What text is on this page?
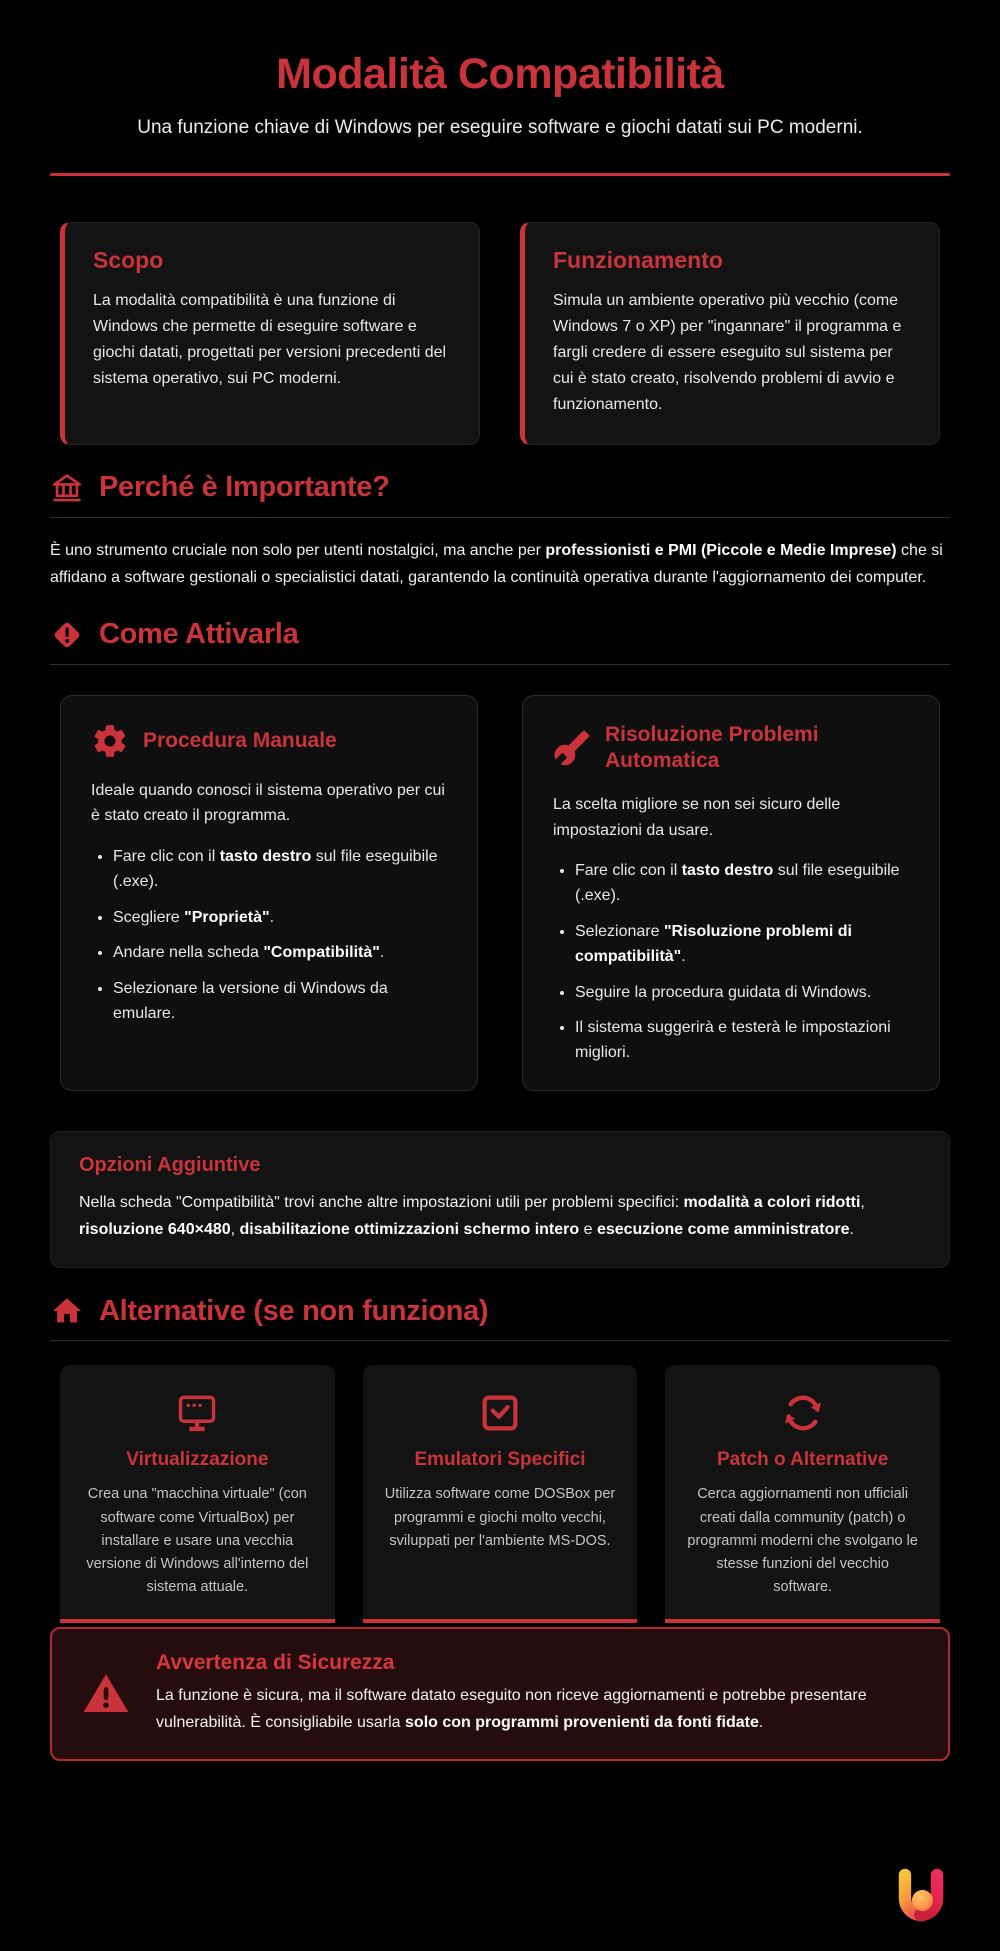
Modalità Compatibilità

Una funzione chiave di Windows per eseguire software e giochi datati sui PC moderni.

Scopo

La modalità compatibilità è una funzione di Windows che permette di eseguire software e giochi datati, progettati per versioni precedenti del sistema operativo, sui PC moderni.

Funzionamento

Simula un ambiente operativo più vecchio (come Windows 7 o XP) per "ingannare" il programma e fargli credere di essere eseguito sul sistema per cui è stato creato, risolvendo problemi di avvio e funzionamento.

Perché è Importante?

È uno strumento cruciale non solo per utenti nostalgici, ma anche per professionisti e PMI (Piccole e Medie Imprese) che si affidano a software gestionali o specialistici datati, garantendo la continuità operativa durante l'aggiornamento dei computer.

Come Attivarla
Procedura Manuale

Ideale quando conosci il sistema operativo per cui è stato creato il programma.

• Fare clic con il tasto destro sul file eseguibile (.exe).
• Scegliere "Proprietà".
• Andare nella scheda "Compatibilità".
• Selezionare la versione di Windows da emulare.
Risoluzione Problemi Automatica

La scelta migliore se non sei sicuro delle impostazioni da usare.

• Fare clic con il tasto destro sul file eseguibile (.exe).
• Selezionare "Risoluzione problemi di compatibilità".
• Seguire la procedura guidata di Windows.
• Il sistema suggerirà e testerà le impostazioni migliori.
Opzioni Aggiuntive

Nella scheda "Compatibilità" trovi anche altre impostazioni utili per problemi specifici: modalità a colori ridotti, risoluzione 640×480, disabilitazione ottimizzazioni schermo intero e esecuzione come amministratore.

Alternative (se non funziona)
Virtualizzazione

Crea una "macchina virtuale" (con software come VirtualBox) per installare e usare una vecchia versione di Windows all'interno del sistema attuale.

Emulatori Specifici

Utilizza software come DOSBox per programmi e giochi molto vecchi, sviluppati per l'ambiente MS-DOS.

Patch o Alternative

Cerca aggiornamenti non ufficiali creati dalla community (patch) o programmi moderni che svolgano le stesse funzioni del vecchio software.

Avvertenza di Sicurezza

La funzione è sicura, ma il software datato eseguito non riceve aggiornamenti e potrebbe presentare vulnerabilità. È consigliabile usarla solo con programmi provenienti da fonti fidate.
